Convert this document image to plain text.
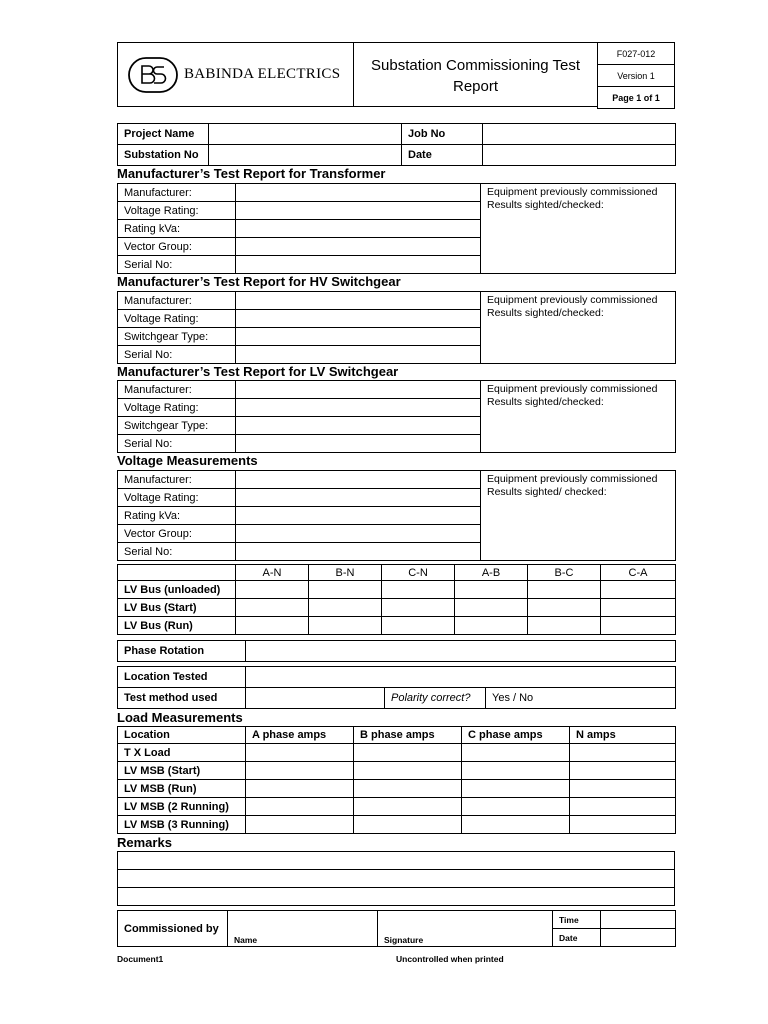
BABINDA ELECTRICS	Substation Commissioning Test
Report
F027-012
Version 1
Page 1 of 1
Project Name		Job No	
Substation No		Date	
Manufacturer’s Test Report for Transformer
Manufacturer:		Equipment previously commissioned
Results sighted/checked:
Voltage Rating:		
Rating kVa:		
Vector Group:		
Serial No:		
Manufacturer’s Test Report for HV Switchgear
Manufacturer:		Equipment previously commissioned
Results sighted/checked:
Voltage Rating:		
Switchgear Type:		
Serial No:		
Manufacturer’s Test Report for LV Switchgear
Manufacturer:		Equipment previously commissioned
Results sighted/checked:
Voltage Rating:		
Switchgear Type:		
Serial No:		
Voltage Measurements
Manufacturer:		Equipment previously commissioned
Results sighted/ checked:
Voltage Rating:		
Rating kVa:		
Vector Group:		
Serial No:		
	A-N	B-N	C-N	A-B	B-C	C-A
LV Bus (unloaded)						
LV Bus (Start)						
LV Bus (Run)						
Phase Rotation	
Location Tested			
Test method used		Polarity correct?	Yes / No
Load Measurements
Location	A phase amps	B phase amps	C phase amps	N amps
T X Load				
LV MSB (Start)				
LV MSB (Run)				
LV MSB (2 Running)				
LV MSB (3 Running)				
Remarks

Commissioned by	Name	Signature	Time	
			Date	
Document1	Uncontrolled when printed
